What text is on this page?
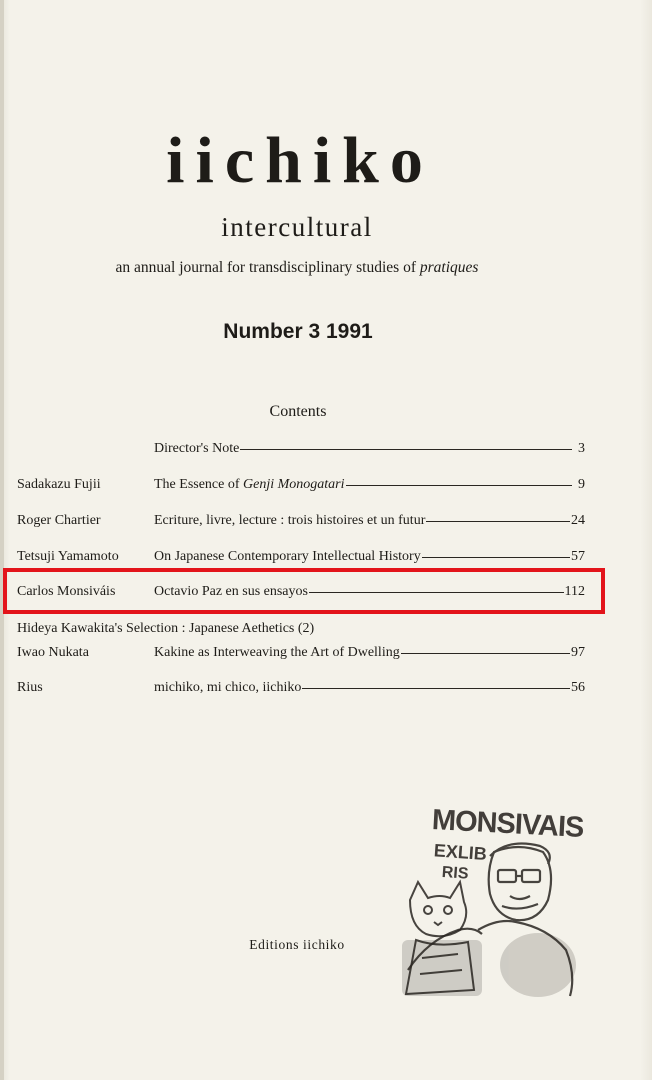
iichiko
intercultural
an annual journal for transdisciplinary studies of pratiques
Number 3 1991
Contents
Director's Note	3
Sadakazu Fujii	The Essence of Genji Monogatari	9
Roger Chartier	Ecriture, livre, lecture : trois histoires et un futur	24
Tetsuji Yamamoto	On Japanese Contemporary Intellectual History	57
Carlos Monsiváis	Octavio Paz en sus ensayos	112
Hideya Kawakita's Selection : Japanese Aethetics (2)
Iwao Nukata	Kakine as Interweaving the Art of Dwelling	97
Rius	michiko, mi chico, iichiko	56
MONSIVAIS
EXLIB
RIS
Editions iichiko
